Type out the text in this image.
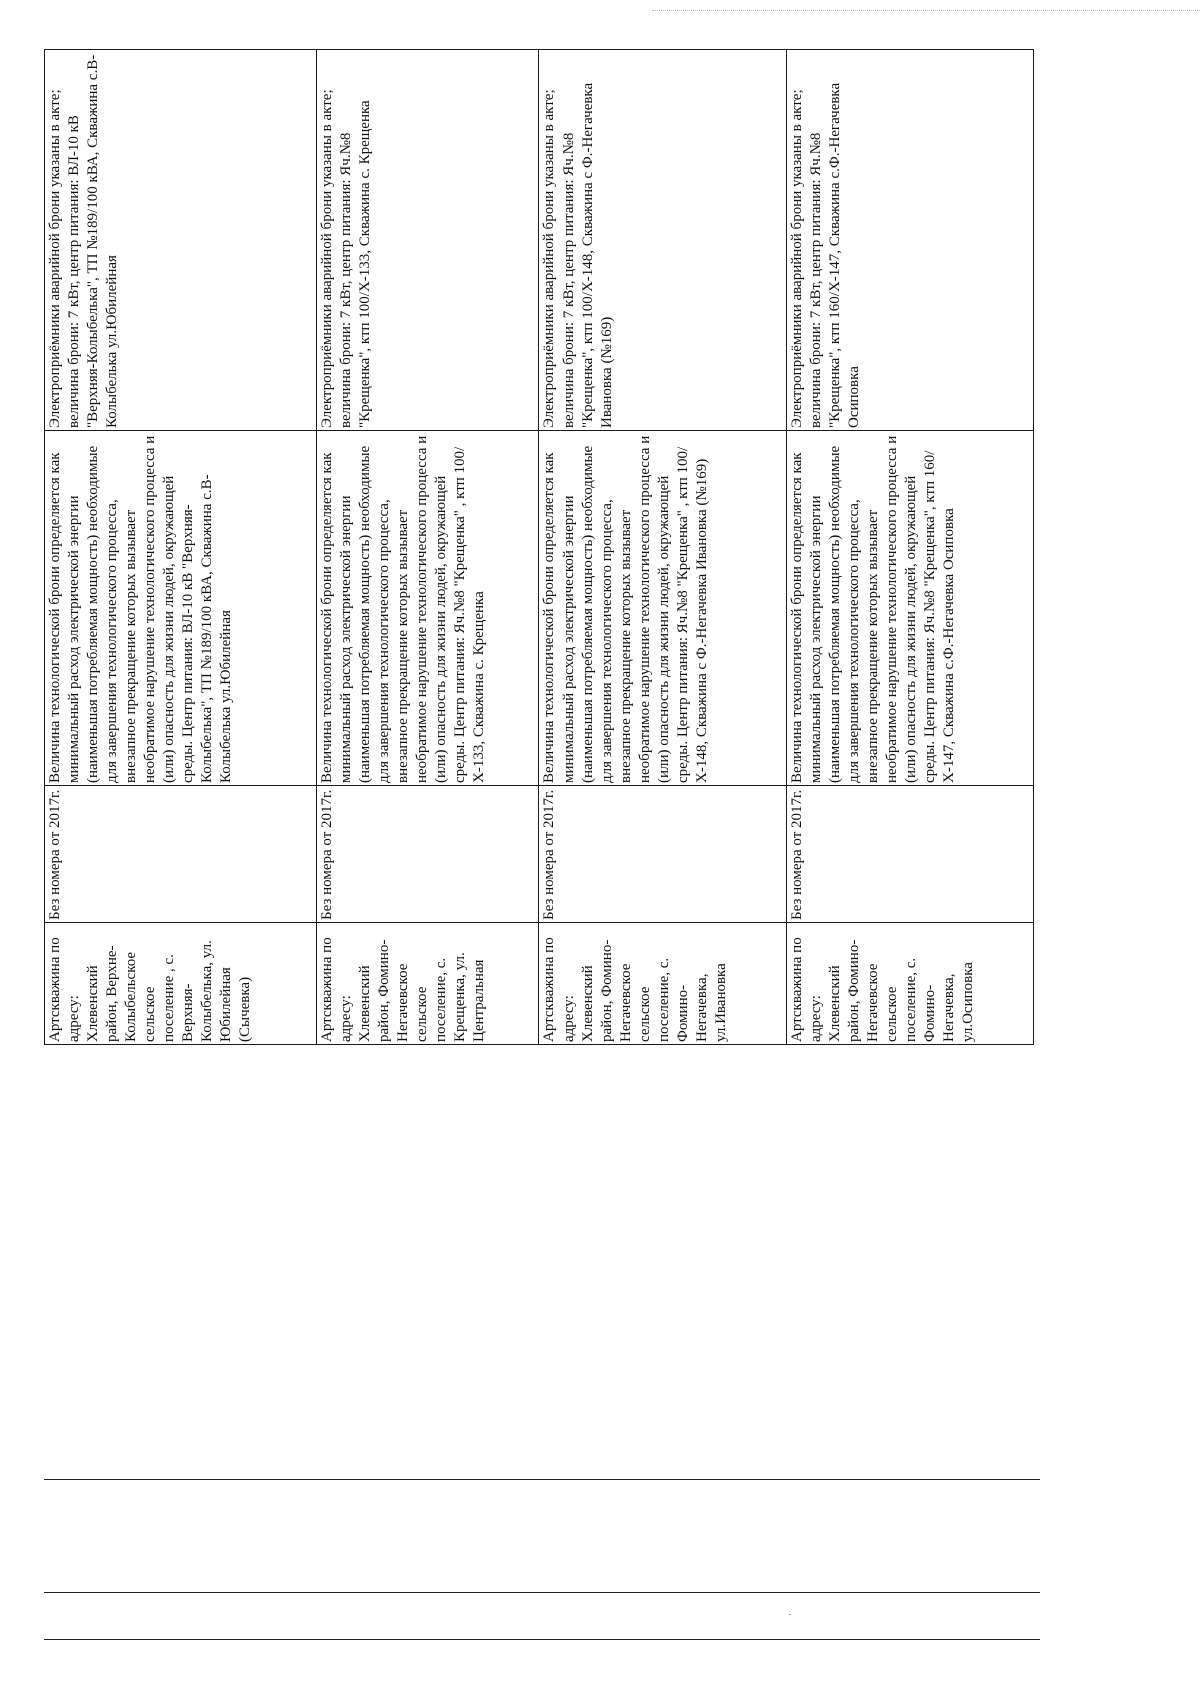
Артскважина по адресу: Хлевенский район, Верхне-Колыбельское сельское поселение , с. Верхняя-Колыбелька, ул. Юбилейная (Сычевка)	Без номера от 2017г.	Величина технологической брони определяется как минимальный расход электрической энергии (наименьшая потребляемая мощность) необходимые для завершения технологического процесса, внезапное прекращение которых вызывает необратимое нарушение технологического процесса и (или) опасность для жизни людей, окружающей среды. Центр питания: ВЛ-10 кВ "Верхняя-Колыбелька", ТП №189/100 кВА, Скважина с.В-Колыбелька ул.Юбилейная	Электроприёмники аварийной брони указаны в акте; величина брони: 7 кВт, центр питания: ВЛ-10 кВ "Верхняя-Колыбелька", ТП №189/100 кВА, Скважина с.В-Колыбелька ул.Юбилейная
Артскважина по адресу: Хлевенский район, Фомино-Негачевское сельское поселение, с. Крещенка, ул. Центральная	Без номера от 2017г.	Величина технологической брони определяется как минимальный расход электрической энергии (наименьшая потребляемая мощность) необходимые для завершения технологического процесса, внезапное прекращение которых вызывает необратимое нарушение технологического процесса и (или) опасность для жизни людей, окружающей среды. Центр питания: Яч.№8 "Крещенка" , ктп 100/Х-133, Скважина с. Крещенка	Электроприёмники аварийной брони указаны в акте; величина брони: 7 кВт, центр питания: Яч.№8 "Крещенка", ктп 100/Х-133, Скважина с. Крещенка
Артскважина по адресу: Хлевенский район, Фомино-Негачевское сельское поселение, с. Фомино-Негачевка, ул.Ивановка	Без номера от 2017г.	Величина технологической брони определяется как минимальный расход электрической энергии (наименьшая потребляемая мощность) необходимые для завершения технологического процесса, внезапное прекращение которых вызывает необратимое нарушение технологического процесса и (или) опасность для жизни людей, окружающей среды. Центр питания: Яч.№8 "Крещенка" , ктп 100/Х-148, Скважина с Ф.-Негачевка Ивановка (№169)	Электроприёмники аварийной брони указаны в акте; величина брони: 7 кВт, центр питания: Яч.№8 "Крещенка", ктп 100/Х-148, Скважина с Ф.-Негачевка Ивановка (№169)
Артскважина по адресу: Хлевенский район, Фомино-Негачевское сельское поселение, с. Фомино-Негачевка, ул.Осиповка	Без номера от 2017г.	Величина технологической брони определяется как минимальный расход электрической энергии (наименьшая потребляемая мощность) необходимые для завершения технологического процесса, внезапное прекращение которых вызывает необратимое нарушение технологического процесса и (или) опасность для жизни людей, окружающей среды. Центр питания: Яч.№8 "Крещенка", ктп 160/Х-147, Скважина с.Ф.-Негачевка Осиповка	Электроприёмники аварийной брони указаны в акте; величина брони: 7 кВт, центр питания: Яч.№8 "Крещенка", ктп 160/Х-147, Скважина с.Ф.-Негачевка Осиповка
